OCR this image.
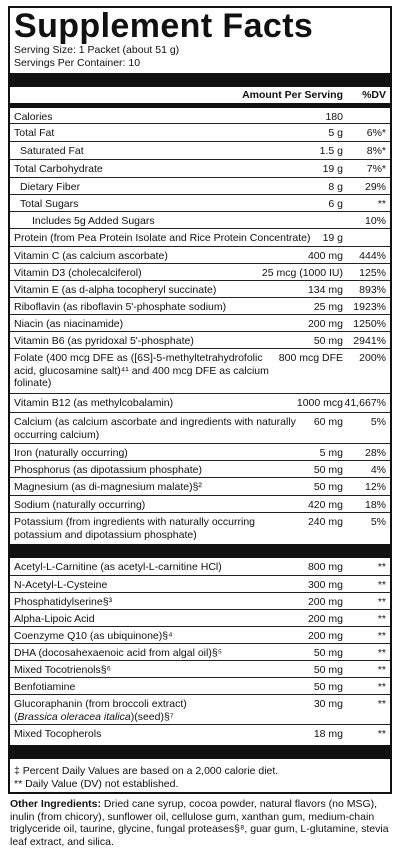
Supplement Facts
Serving Size: 1 Packet (about 51 g)
Servings Per Container: 10
Amount Per Serving %DV
Calories	180
Total Fat	5 g 6%*
Saturated Fat	1.5 g 8%*
Total Carbohydrate	19 g 7%*
Dietary Fiber	8 g 29%
Total Sugars	6 g	**
Includes 5g Added Sugars	10%
Protein (from Pea Protein Isolate and Rice Protein Concentrate) 19 g
Vitamin C (as calcium ascorbate)	400 mg 444%
Vitamin D3 (cholecalciferol)	25 mcg (1000 IU) 125%
Vitamin E (as d-alpha tocopheryl succinate)	134 mg 893%
Riboflavin (as riboflavin 5'-phosphate sodium)	25 mg 1923%
Niacin (as niacinamide)	200 mg 1250%
Vitamin B6 (as pyridoxal 5'-phosphate)	50 mg 2941%
Folate (400 mcg DFE as ([6S]-5-methyltetrahydrofolic acid, glucosamine salt)⁴¹ and 400 mcg DFE as calcium folinate)
800 mcg DFE 200%
Vitamin B12 (as methylcobalamin)	1000 mcg 41,667%
Calcium (as calcium ascorbate and ingredients with naturally occurring calcium)
60 mg	5%
Iron (naturally occurring)	5 mg 28%
Phosphorus (as dipotassium phosphate)	50 mg	4%
Magnesium (as di-magnesium malate)§²	50 mg 12%
Sodium (naturally occurring)	420 mg 18%
Potassium (from ingredients with naturally occurring potassium and dipotassium phosphate)
240 mg	5%
Acetyl-L-Carnitine (as acetyl-L-carnitine HCl)	800 mg	**
N-Acetyl-L-Cysteine	300 mg	**
Phosphatidylserine§³	200 mg	**
Alpha-Lipoic Acid	200 mg	**
Coenzyme Q10 (as ubiquinone)§⁴	200 mg	**
DHA (docosahexaenoic acid from algal oil)§⁵	50 mg	**
Mixed Tocotrienols§⁶	50 mg	**
Benfotiamine	50 mg	**
Glucoraphanin (from broccoli extract)
(Brassica oleracea italica)(seed)§⁷
30 mg	**
Mixed Tocopherols	18 mg	**
‡ Percent Daily Values are based on a 2,000 calorie diet.
** Daily Value (DV) not established.
Other Ingredients: Dried cane syrup, cocoa powder, natural flavors (no MSG), inulin (from chicory), sunflower oil, cellulose gum, xanthan gum, medium-chain triglyceride oil, taurine, glycine, fungal proteases§⁸, guar gum, L-glutamine, stevia leaf extract, and silica.
